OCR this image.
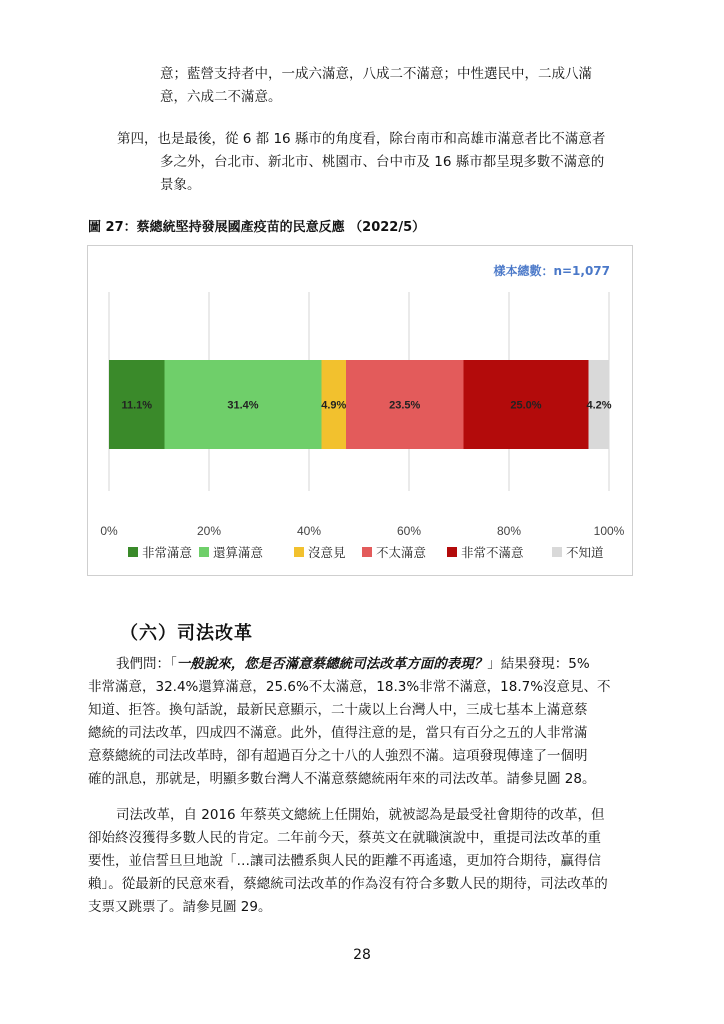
意；藍營支持者中，一成六滿意，八成二不滿意；中性選民中，二成八滿
意，六成二不滿意。
第四，也是最後，從 6 都 16 縣市的角度看，除台南市和高雄市滿意者比不滿意者
多之外，台北市、新北市、桃園市、台中市及 16 縣市都呈現多數不滿意的
景象。
圖 27：蔡總統堅持發展國產疫苗的民意反應 （2022/5）
樣本總數：n=1,077
11.1%	31.4%	4.9%	23.5%	25.0%	4.2%
0%	20%	40%	60%	80%	100%
非常滿意 還算滿意	沒意見 不太滿意	非常不滿意	不知道
（六）司法改革
我們問：「一般說來，您是否滿意蔡總統司法改革方面的表現？」結果發現：5%
非常滿意，32.4%還算滿意，25.6%不太滿意，18.3%非常不滿意，18.7%沒意見、不
知道、拒答。換句話說，最新民意顯示，二十歲以上台灣人中，三成七基本上滿意蔡
總統的司法改革，四成四不滿意。此外，值得注意的是，當只有百分之五的人非常滿
意蔡總統的司法改革時，卻有超過百分之十八的人強烈不滿。這項發現傳達了一個明
確的訊息，那就是，明顯多數台灣人不滿意蔡總統兩年來的司法改革。請參見圖 28。
司法改革，自 2016 年蔡英文總統上任開始，就被認為是最受社會期待的改革，但
卻始終沒獲得多數人民的肯定。二年前今天，蔡英文在就職演說中，重提司法改革的重
要性，並信誓旦旦地說「…讓司法體系與人民的距離不再遙遠，更加符合期待，贏得信
賴」。從最新的民意來看，蔡總統司法改革的作為沒有符合多數人民的期待，司法改革的
支票又跳票了。請參見圖 29。
28
